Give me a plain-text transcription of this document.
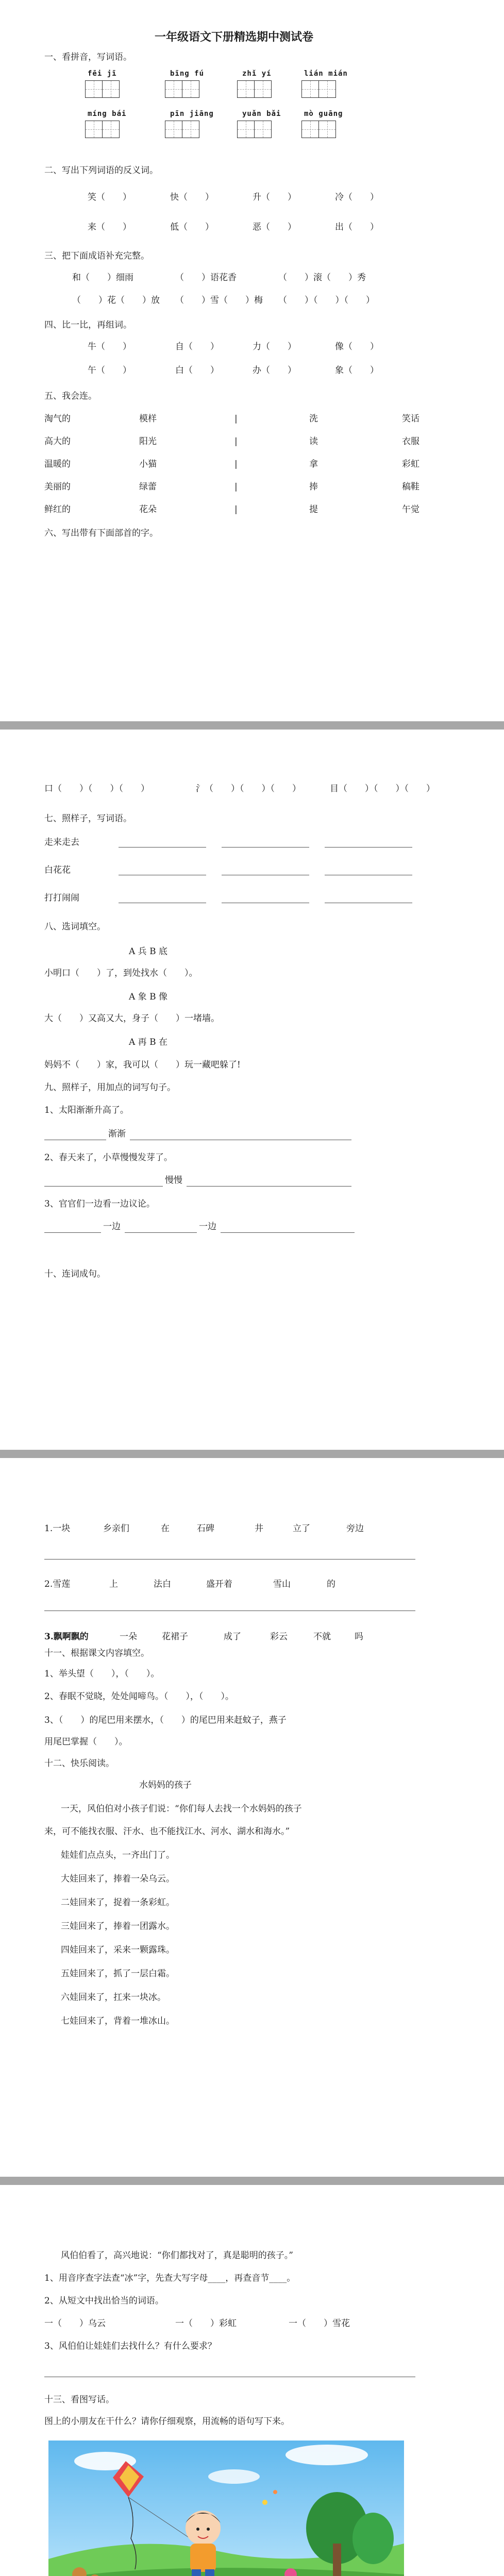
一年级语文下册精选期中测试卷
一、看拼音，写词语。
fēi jī	bīng fú	zhǐ yí	lián mián
míng bái	pīn jiāng	yuǎn bǎi	mò guāng
二、写出下列词语的反义词。
笑（　　）	快（　　）	升（　　）	冷（　　）
来（　　）	低（　　）	恶（　　）	出（　　）
三、把下面成语补充完整。
和（　　）细雨	（　　）语花香	（　　）滚（　　）秀
（　　）花（　　）放 （　　）雪（　　）梅 （　　）（　　）（　　）
四、比一比，再组词。
牛（　　）	自（　　）	力（　　）	像（　　）
午（　　）	白（　　）	办（　　）	象（　　）
五、我会连。
淘气的	模样	|	洗	笑话
高大的	阳光	|	读	衣服
温暖的	小猫	|	拿	彩虹
美丽的	绿蕾	|	捧	稿鞋
鲜红的	花朵	|	提	午觉
六、写出带有下面部首的字。
口（　　）（　　）（　　）	氵（　　）（　　）（　　）	目（　　）（　　）（　　）
七、照样子，写词语。
走来走去
白花花
打打闹闹
八、选词填空。
A 兵 B 底
小明口（　　）了，到处找水（　　）。
A 象 B 像
大（　　）又高又大，身子（　　）一堵墙。
A 再 B 在
妈妈不（　　）家，我可以（　　）玩一藏吧躲了!
九、照样子，用加点的词写句子。
1、太阳渐渐升高了。
渐渐
2、春天来了，小草慢慢发芽了。
慢慢
3、官官们一边看一边议论。
一边	一边
十、连词成句。
1.一块	乡亲们	在	石碑	井	立了	旁边
2.雪莲	上	法白	盛开着	雪山	的
3.飘啊飘的	一朵	花裙子	成了	彩云	不就	吗
十一、根据课文内容填空。
1、举头望（　　），（　　）。
2、春眠不觉晓，处处闻啼鸟。（　　），（　　）。
3、（　　）的尾巴用来摆水，（　　）的尾巴用来赶蚊子，燕子
用尾巴掌握（　　）。
十二、快乐阅读。
水妈妈的孩子
一天，风伯伯对小孩子们说：“你们每人去找一个水妈妈的孩子
来，可不能找衣服、汗水、也不能找江水、河水、湖水和海水。”
娃娃们点点头，一齐出门了。
大娃回来了，捧着一朵乌云。
二娃回来了，捉着一条彩虹。
三娃回来了，捧着一团露水。
四娃回来了，采来一颗露珠。
五娃回来了，抓了一层白霜。
六娃回来了，扛来一块冰。
七娃回来了，背着一堆冰山。
风伯伯看了，高兴地说：“你们都找对了，真是聪明的孩子。”
1、用音序查字法查“冰”字，先查大写字母____，再查音节____。
2、从短文中找出恰当的词语。
一（　　）乌云	一（　　）彩虹	一（　　）雪花
3、风伯伯让娃娃们去找什么？有什么要求？
十三、看图写话。
图上的小朋友在干什么？请你仔细观察，用流畅的语句写下来。
